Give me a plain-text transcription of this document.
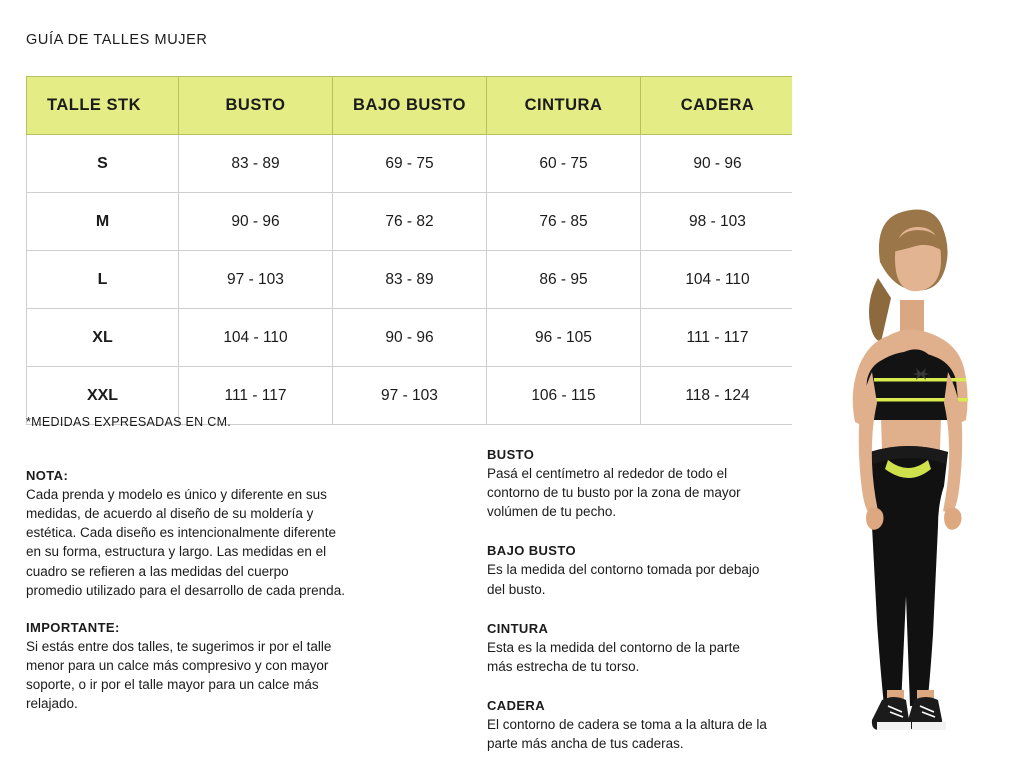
GUÍA DE TALLES MUJER
TALLE STK	BUSTO	BAJO BUSTO	CINTURA	CADERA
S	83 - 89	69 - 75	60 - 75	90 - 96
M	90 - 96	76 - 82	76 - 85	98 - 103
L	97 - 103	83 - 89	86 - 95	104 - 110
XL	104 - 110	90 - 96	96 - 105	111 - 117
XXL	111 - 117	97 - 103	106 - 115	118 - 124
*MEDIDAS EXPRESADAS EN CM.
NOTA:
Cada prenda y modelo es único y diferente en sus medidas, de acuerdo al diseño de su moldería y estética. Cada diseño es intencionalmente diferente en su forma, estructura y largo. Las medidas en el cuadro se refieren a las medidas del cuerpo promedio utilizado para el desarrollo de cada prenda.
IMPORTANTE:
Si estás entre dos talles, te sugerimos ir por el talle menor para un calce más compresivo y con mayor soporte, o ir por el talle mayor para un calce más relajado.
BUSTO
Pasá el centímetro al rededor de todo el contorno de tu busto por la zona de mayor volúmen de tu pecho.
BAJO BUSTO
Es la medida del contorno tomada por debajo del busto.
CINTURA
Esta es la medida del contorno de la parte más estrecha de tu torso.
CADERA
El contorno de cadera se toma a la altura de la parte más ancha de tus caderas.
